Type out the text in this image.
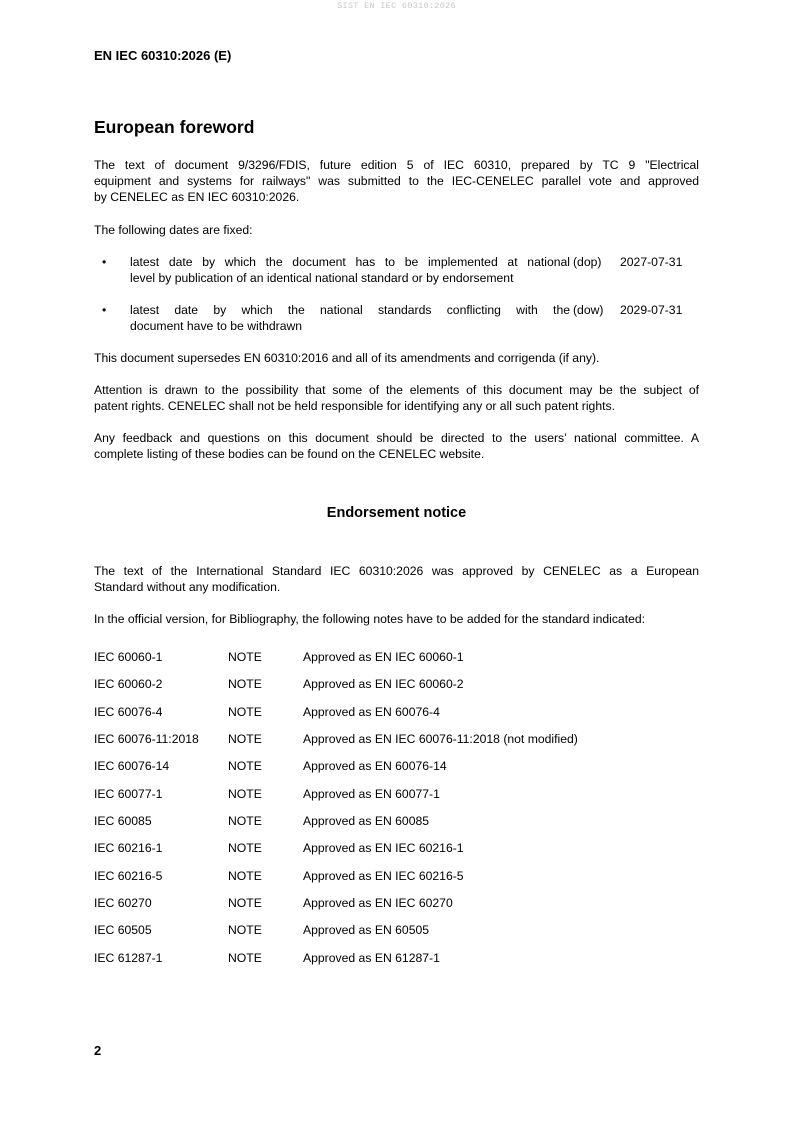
SIST EN IEC 60310:2026
EN IEC 60310:2026 (E)
European foreword
The text of document 9/3296/FDIS, future edition 5 of IEC 60310, prepared by TC 9 "Electrical
equipment and systems for railways" was submitted to the IEC-CENELEC parallel vote and approved
by CENELEC as EN IEC 60310:2026.
The following dates are fixed:
• latest date by which the document has to be implemented at national
level by publication of an identical national standard or by endorsement
(dop) 2027-07-31
• latest date by which the national standards conflicting with the
document have to be withdrawn
(dow) 2029-07-31
This document supersedes EN 60310:2016 and all of its amendments and corrigenda (if any).
Attention is drawn to the possibility that some of the elements of this document may be the subject of
patent rights. CENELEC shall not be held responsible for identifying any or all such patent rights.
Any feedback and questions on this document should be directed to the users’ national committee. A
complete listing of these bodies can be found on the CENELEC website.
Endorsement notice
The text of the International Standard IEC 60310:2026 was approved by CENELEC as a European
Standard without any modification.
In the official version, for Bibliography, the following notes have to be added for the standard indicated:
IEC 60060-1	NOTE	Approved as EN IEC 60060-1
IEC 60060-2	NOTE	Approved as EN IEC 60060-2
IEC 60076-4	NOTE	Approved as EN 60076-4
IEC 60076-11:2018 NOTE	Approved as EN IEC 60076-11:2018 (not modified)
IEC 60076-14	NOTE	Approved as EN 60076-14
IEC 60077-1	NOTE	Approved as EN 60077-1
IEC 60085	NOTE	Approved as EN 60085
IEC 60216-1	NOTE	Approved as EN IEC 60216-1
IEC 60216-5	NOTE	Approved as EN IEC 60216-5
IEC 60270	NOTE	Approved as EN IEC 60270
IEC 60505	NOTE	Approved as EN 60505
IEC 61287-1	NOTE	Approved as EN 61287-1
2
